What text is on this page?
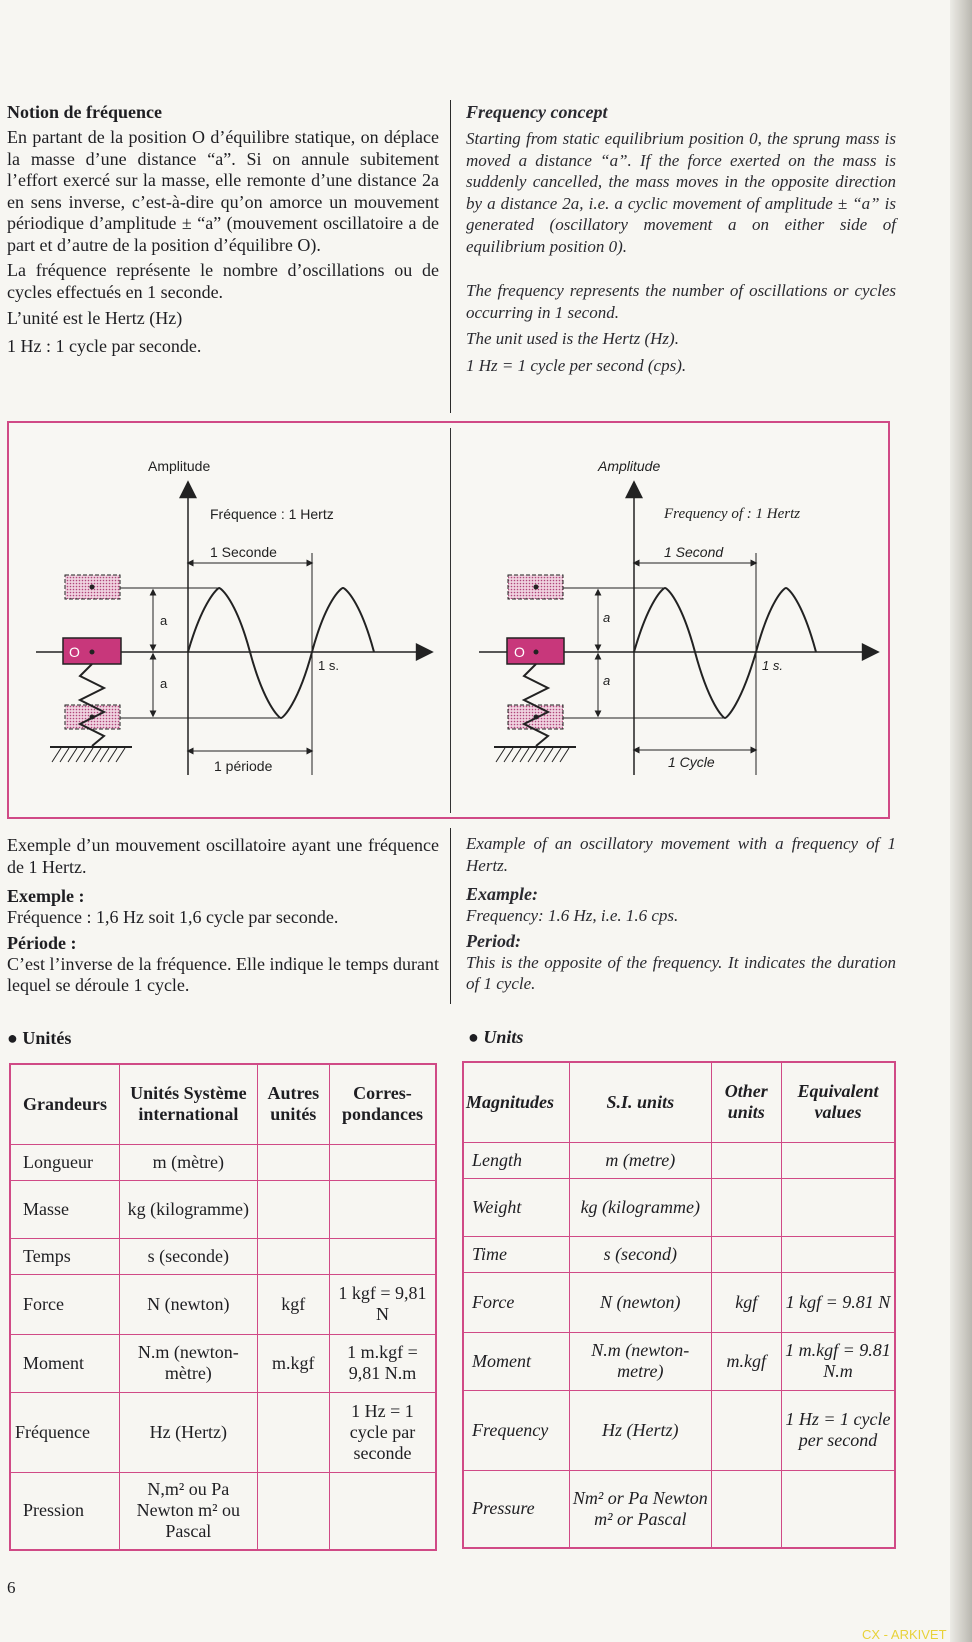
Notion de fréquence

En partant de la position O d’équilibre statique, on déplace la masse d’une distance “a”. Si on annule subitement l’effort exercé sur la masse, elle remonte d’une distance 2a en sens inverse, c’est-à-dire qu’on amorce un mouvement périodique d’amplitude ± “a” (mouvement oscillatoire a de part et d’autre de la position d’équilibre O).

La fréquence représente le nombre d’oscillations ou de cycles effectués en 1 seconde.

L’unité est le Hertz (Hz)

1 Hz : 1 cycle par seconde.

Frequency concept

Starting from static equilibrium position 0, the sprung mass is moved a distance “a”. If the force exerted on the mass is suddenly cancelled, the mass moves in the opposite direction by a distance 2a, i.e. a cyclic movement of amplitude ± “a” is generated (oscillatory movement a on either side of equilibrium position 0).

The frequency represents the number of oscillations or cycles occurring in 1 second.

The unit used is the Hertz (Hz).

1 Hz = 1 cycle per second (cps).

Amplitude
Fréquence : 1 Hertz
1 Seconde
1 s.
1 période
a
a
O
Amplitude
Frequency of : 1 Hertz
1 Second
1 s.
1 Cycle
a
a
O

Exemple d’un mouvement oscillatoire ayant une fréquence de 1 Hertz.

Exemple :

Fréquence : 1,6 Hz soit 1,6 cycle par seconde.

Période :

C’est l’inverse de la fréquence. Elle indique le temps durant lequel se déroule 1 cycle.

Example of an oscillatory movement with a frequency of 1 Hertz.

Example:

Frequency: 1.6 Hz, i.e. 1.6 cps.

Period:

This is the opposite of the frequency. It indicates the duration of 1 cycle.

● Unités	● Units
Grandeurs	Unités Système international	Autres unités	Corres-pondances
Longueur	m (mètre)		
Masse	kg (kilogramme)		
Temps	s (seconde)		
Force	N (newton)	kgf	1 kgf = 9,81 N
Moment	N.m (newton-mètre)	m.kgf	1 m.kgf = 9,81 N.m
Fréquence	Hz (Hertz)		1 Hz = 1 cycle par seconde
Pression	N,m² ou Pa Newton m² ou Pascal		
Magnitudes	S.I. units	Other units	Equivalent values
Length	m (metre)		
Weight	kg (kilogramme)		
Time	s (second)		
Force	N (newton)	kgf	1 kgf = 9.81 N
Moment	N.m (newton-metre)	m.kgf	1 m.kgf = 9.81 N.m
Frequency	Hz (Hertz)		1 Hz = 1 cycle per second
Pressure	Nm² or Pa Newton m² or Pascal		
6
CX - ARKIVET
